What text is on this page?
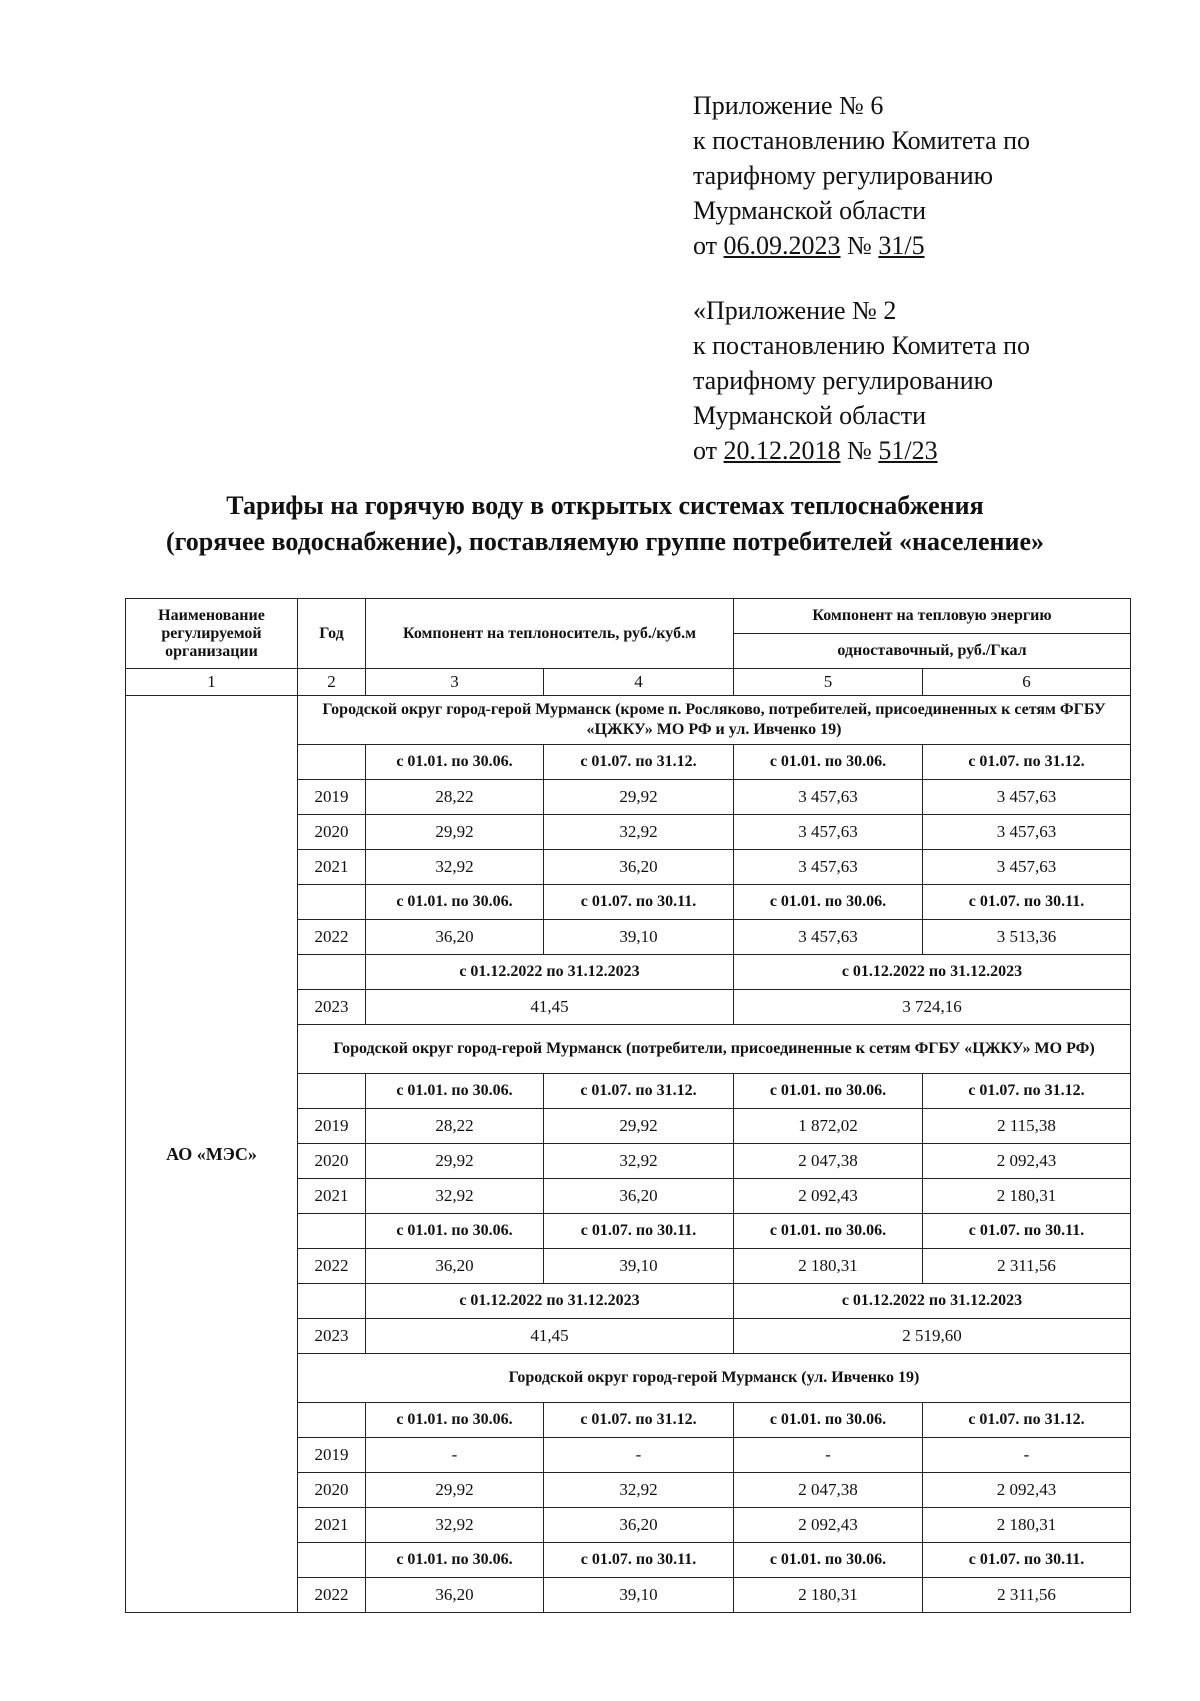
Приложение № 6
к постановлению Комитета по
тарифному регулированию
Мурманской области
от 06.09.2023 № 31/5
«Приложение № 2
к постановлению Комитета по
тарифному регулированию
Мурманской области
от 20.12.2018 № 51/23
Тарифы на горячую воду в открытых системах теплоснабжения
(горячее водоснабжение), поставляемую группе потребителей «население»
Наименование регулируемой организации	Год	Компонент на теплоноситель, руб./куб.м		Компонент на тепловую энергию	
				одноставочный, руб./Гкал	
1	2	3	4	5	6
АО «МЭС»	Городской округ город-герой Мурманск (кроме п. Росляково, потребителей, присоединенных к сетям ФГБУ «ЦЖКУ» МО РФ и ул. Ивченко 19)				
		с 01.01. по 30.06.	с 01.07. по 31.12.	с 01.01. по 30.06.	с 01.07. по 31.12.
	2019	28,22	29,92	3 457,63	3 457,63
	2020	29,92	32,92	3 457,63	3 457,63
	2021	32,92	36,20	3 457,63	3 457,63
		с 01.01. по 30.06.	с 01.07. по 30.11.	с 01.01. по 30.06.	с 01.07. по 30.11.
	2022	36,20	39,10	3 457,63	3 513,36
		с 01.12.2022 по 31.12.2023		с 01.12.2022 по 31.12.2023	
	2023	41,45		3 724,16	
	Городской округ город-герой Мурманск (потребители, присоединенные к сетям ФГБУ «ЦЖКУ» МО РФ)				
		с 01.01. по 30.06.	с 01.07. по 31.12.	с 01.01. по 30.06.	с 01.07. по 31.12.
	2019	28,22	29,92	1 872,02	2 115,38
	2020	29,92	32,92	2 047,38	2 092,43
	2021	32,92	36,20	2 092,43	2 180,31
		с 01.01. по 30.06.	с 01.07. по 30.11.	с 01.01. по 30.06.	с 01.07. по 30.11.
	2022	36,20	39,10	2 180,31	2 311,56
		с 01.12.2022 по 31.12.2023		с 01.12.2022 по 31.12.2023	
	2023	41,45		2 519,60	
	Городской округ город-герой Мурманск (ул. Ивченко 19)				
		с 01.01. по 30.06.	с 01.07. по 31.12.	с 01.01. по 30.06.	с 01.07. по 31.12.
	2019	-	-	-	-
	2020	29,92	32,92	2 047,38	2 092,43
	2021	32,92	36,20	2 092,43	2 180,31
		с 01.01. по 30.06.	с 01.07. по 30.11.	с 01.01. по 30.06.	с 01.07. по 30.11.
	2022	36,20	39,10	2 180,31	2 311,56
